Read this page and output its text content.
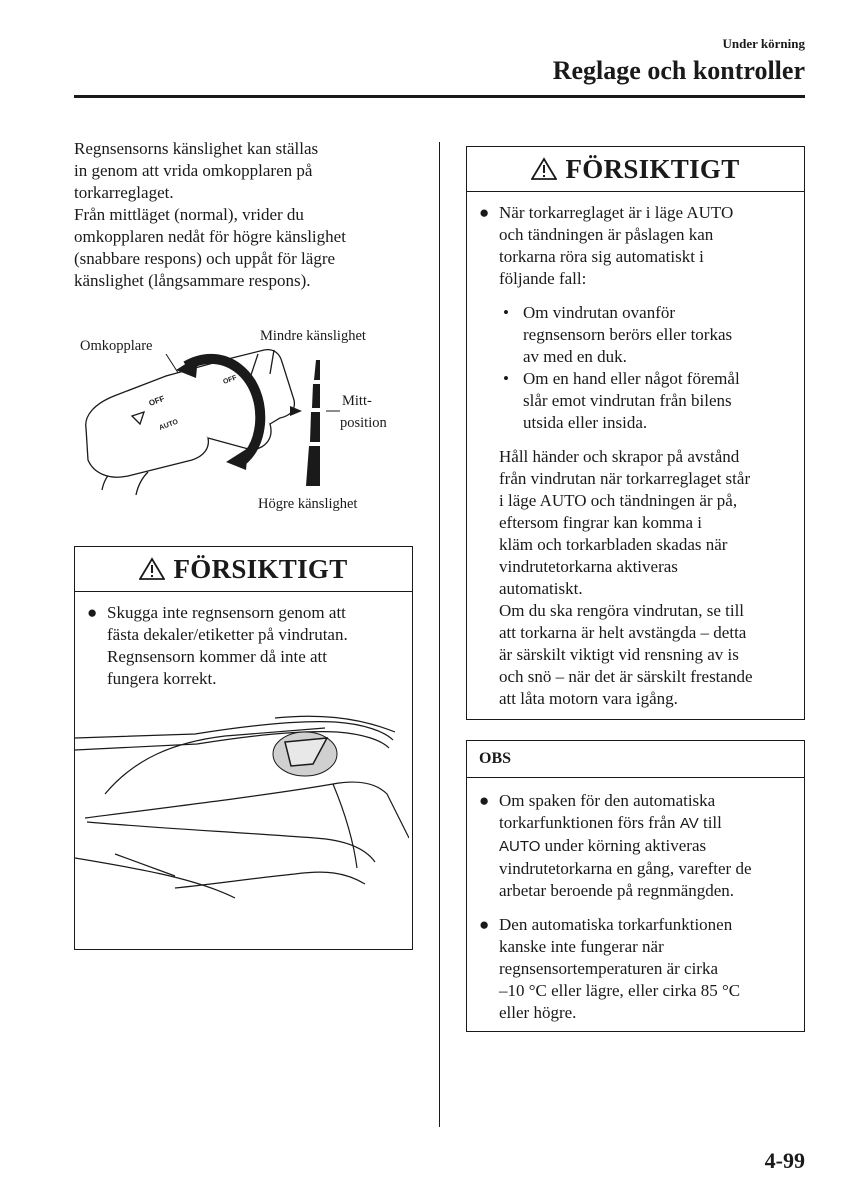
Under körning
Reglage och kontroller

Regnsensorns känslighet kan ställas
in genom att vrida omkopplaren på
torkarreglaget.
Från mittläget (normal), vrider du
omkopplaren nedåt för högre känslighet
(snabbare respons) och uppåt för lägre
känslighet (långsammare respons).

Omkopplare
Mindre känslighet
Mitt-
position
Högre känslighet
OFF
AUTO
OFF
FÖRSIKTIGT
● Skugga inte regnsensorn genom att
fästa dekaler/etiketter på vindrutan.
Regnsensorn kommer då inte att
fungera korrekt.
FÖRSIKTIGT
● När torkarreglaget är i läge AUTO
och tändningen är påslagen kan
torkarna röra sig automatiskt i
följande fall:
• Om vindrutan ovanför
regnsensorn berörs eller torkas
av med en duk.
• Om en hand eller något föremål
slår emot vindrutan från bilens
utsida eller insida.
Håll händer och skrapor på avstånd
från vindrutan när torkarreglaget står
i läge AUTO och tändningen är på,
eftersom fingrar kan komma i
kläm och torkarbladen skadas när
vindrutetorkarna aktiveras
automatiskt.
Om du ska rengöra vindrutan, se till
att torkarna är helt avstängda – detta
är särskilt viktigt vid rensning av is
och snö – när det är särskilt frestande
att låta motorn vara igång.
OBS
● Om spaken för den automatiska
torkarfunktionen förs från AV till
AUTO under körning aktiveras
vindrutetorkarna en gång, varefter de
arbetar beroende på regnmängden.
● Den automatiska torkarfunktionen
kanske inte fungerar när
regnsensortemperaturen är cirka
–10 °C eller lägre, eller cirka 85 °C
eller högre.
4-99
